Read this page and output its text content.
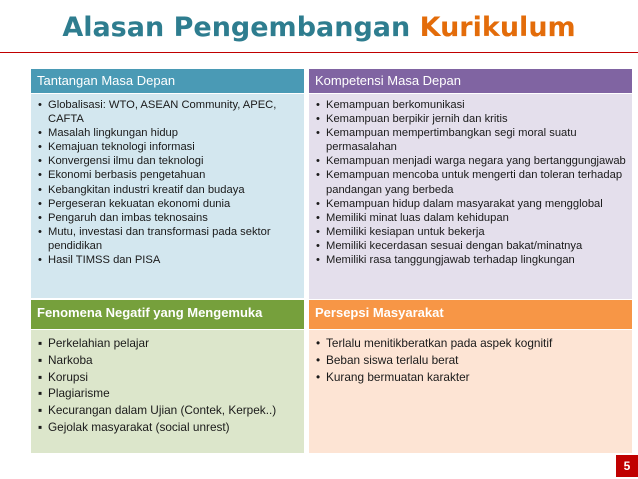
Alasan Pengembangan Kurikulum
Tantangan Masa Depan
• Globalisasi: WTO, ASEAN Community, APEC, CAFTA
• Masalah lingkungan hidup
• Kemajuan teknologi informasi
• Konvergensi ilmu dan teknologi
• Ekonomi berbasis pengetahuan
• Kebangkitan industri kreatif dan budaya
• Pergeseran kekuatan ekonomi dunia
• Pengaruh dan imbas teknosains
• Mutu, investasi dan transformasi pada sektor pendidikan
• Hasil TIMSS dan PISA
Kompetensi Masa Depan
• Kemampuan berkomunikasi
• Kemampuan berpikir jernih dan kritis
• Kemampuan mempertimbangkan segi moral suatu permasalahan
• Kemampuan menjadi warga negara yang bertanggungjawab
• Kemampuan mencoba untuk mengerti dan toleran terhadap pandangan yang berbeda
• Kemampuan hidup dalam masyarakat yang mengglobal
• Memiliki minat luas dalam kehidupan
• Memiliki kesiapan untuk bekerja
• Memiliki kecerdasan sesuai dengan bakat/minatnya
• Memiliki rasa tanggungjawab terhadap lingkungan
Fenomena Negatif yang Mengemuka
▪ Perkelahian pelajar
▪ Narkoba
▪ Korupsi
▪ Plagiarisme
▪ Kecurangan dalam Ujian (Contek, Kerpek..)
▪ Gejolak masyarakat (social unrest)
Persepsi Masyarakat
• Terlalu menitikberatkan pada aspek kognitif
• Beban siswa terlalu berat
• Kurang bermuatan karakter
5
